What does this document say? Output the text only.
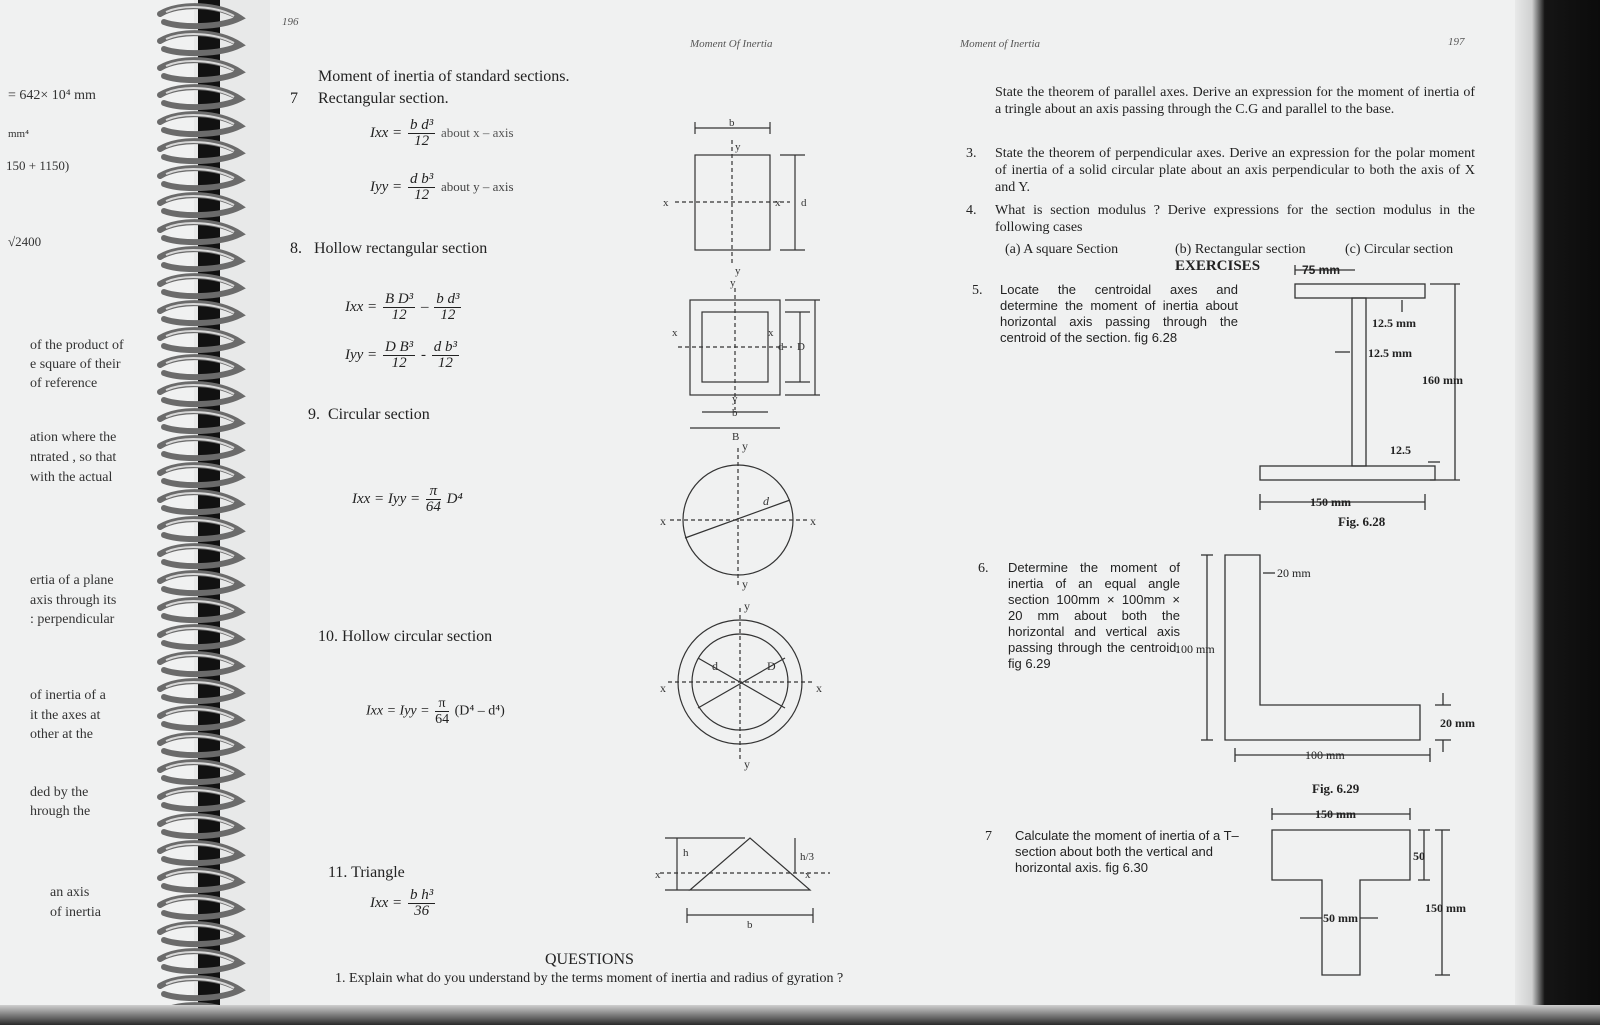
= 642× 10⁴ mm
mm⁴
150 + 1150)
√2400
of the product of
e square of their
of reference
ation where the
ntrated , so that
with the actual
ertia of a plane
axis through its
: perpendicular
of inertia of a
it the axes at
other at the
ded by the
hrough the
an axis
of inertia
196
Moment Of Inertia	Moment of Inertia	197
Moment of inertia of standard sections.
7 Rectangular section.
Ixx = $\frac{\text{b d³}}{12}$ about x – axis
Iyy = $\frac{\text{d b³}}{12}$ about y – axis
8. Hollow rectangular section
Ixx = $\frac{\text{B D³}}{12} - \frac{\text{b d³}}{12}$
Iyy = $\frac{\text{D B³}}{12} - \frac{\text{d b³}}{12}$
9. Circular section
Ixx = Iyy = $\frac{\pi}{64} D^4$
10. Hollow circular section
Ixx = Iyy = $\frac{\pi}{64} (D^4 - d^4)$
11. Triangle
Ixx = $\frac{\text{b h³}}{36}$
QUESTIONS
1. Explain what do you understand by the terms moment of inertia and radius of gyration ?
b
y
x	x d
y
y
x	x
d D
y
b
B
y
x	x
d
y
y
x	x
d	D
y
x	x
h	h/3
b
State the theorem of parallel axes. Derive an expression for the moment of inertia of a tringle about an axis passing through the C.G and parallel to the base.
3. State the theorem of perpendicular axes. Derive an expression for the polar moment of inertia of a solid circular plate about an axis perpendicular to both the axis of X and Y.
4. What is section modulus ? Derive expressions for the section modulus in the following cases
(a) A square Section	(b) Rectangular section	(c) Circular section
EXERCISES
5. Locate the centroidal axes and determine the moment of inertia about horizontal axis passing through the centroid of the section. fig 6.28
6. Determine the moment of inertia of an equal angle section 100mm × 100mm × 20 mm about both the horizontal and vertical axis passing through the centroid. fig 6.29
7 Calculate the moment of inertia of a T–section about both the vertical and horizontal axis. fig 6.30
75 mm
12.5 mm
12.5 mm
160 mm
12.5
150 mm
Fig. 6.28
20 mm
100 mm
20 mm
100 mm
Fig. 6.29
150 mm
50
150 mm
50 mm
